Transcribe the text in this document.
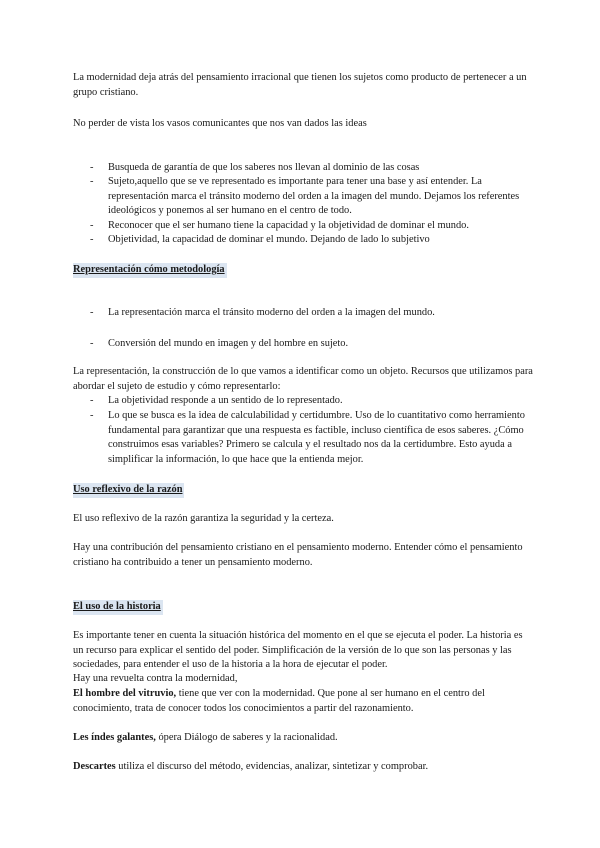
La modernidad deja atrás del pensamiento irracional que tienen los sujetos como producto de pertenecer a un grupo cristiano.

No perder de vista los vasos comunicantes que nos van dados las ideas

- Busqueda de garantía de que los saberes nos llevan al dominio de las cosas
- Sujeto,aquello que se ve representado es importante para tener una base y así entender. La representación marca el tránsito moderno del orden a la imagen del mundo. Dejamos los referentes ideológicos y ponemos al ser humano en el centro de todo.
- Reconocer que el ser humano tiene la capacidad y la objetividad de dominar el mundo.
- Objetividad, la capacidad de dominar el mundo. Dejando de lado lo subjetivo
Representación cómo metodología
- La representación marca el tránsito moderno del orden a la imagen del mundo.
- Conversión del mundo en imagen y del hombre en sujeto.

La representación, la construcción de lo que vamos a identificar como un objeto. Recursos que utilizamos para abordar el sujeto de estudio y cómo representarlo:

- La objetividad responde a un sentido de lo representado.
- Lo que se busca es la idea de calculabilidad y certidumbre. Uso de lo cuantitativo como herramiento fundamental para garantizar que una respuesta es factible, incluso científica de esos saberes. ¿Cómo construimos esas variables? Primero se calcula y el resultado nos da la certidumbre. Esto ayuda a simplificar la información, lo que hace que la entienda mejor.
Uso reflexivo de la razón

El uso reflexivo de la razón garantiza la seguridad y la certeza.

Hay una contribución del pensamiento cristiano en el pensamiento moderno. Entender cómo el pensamiento cristiano ha contribuido a tener un pensamiento moderno.

El uso de la historia

Es importante tener en cuenta la situación histórica del momento en el que se ejecuta el poder. La historia es un recurso para explicar el sentido del poder. Simplificación de la versión de lo que son las personas y las sociedades, para entender el uso de la historia a la hora de ejecutar el poder.

Hay una revuelta contra la modernidad,

El hombre del vitruvio, tiene que ver con la modernidad. Que pone al ser humano en el centro del conocimiento, trata de conocer todos los conocimientos a partir del razonamiento.

Les índes galantes, ópera Diálogo de saberes y la racionalidad.

Descartes utiliza el discurso del método, evidencias, analizar, sintetizar y comprobar.
